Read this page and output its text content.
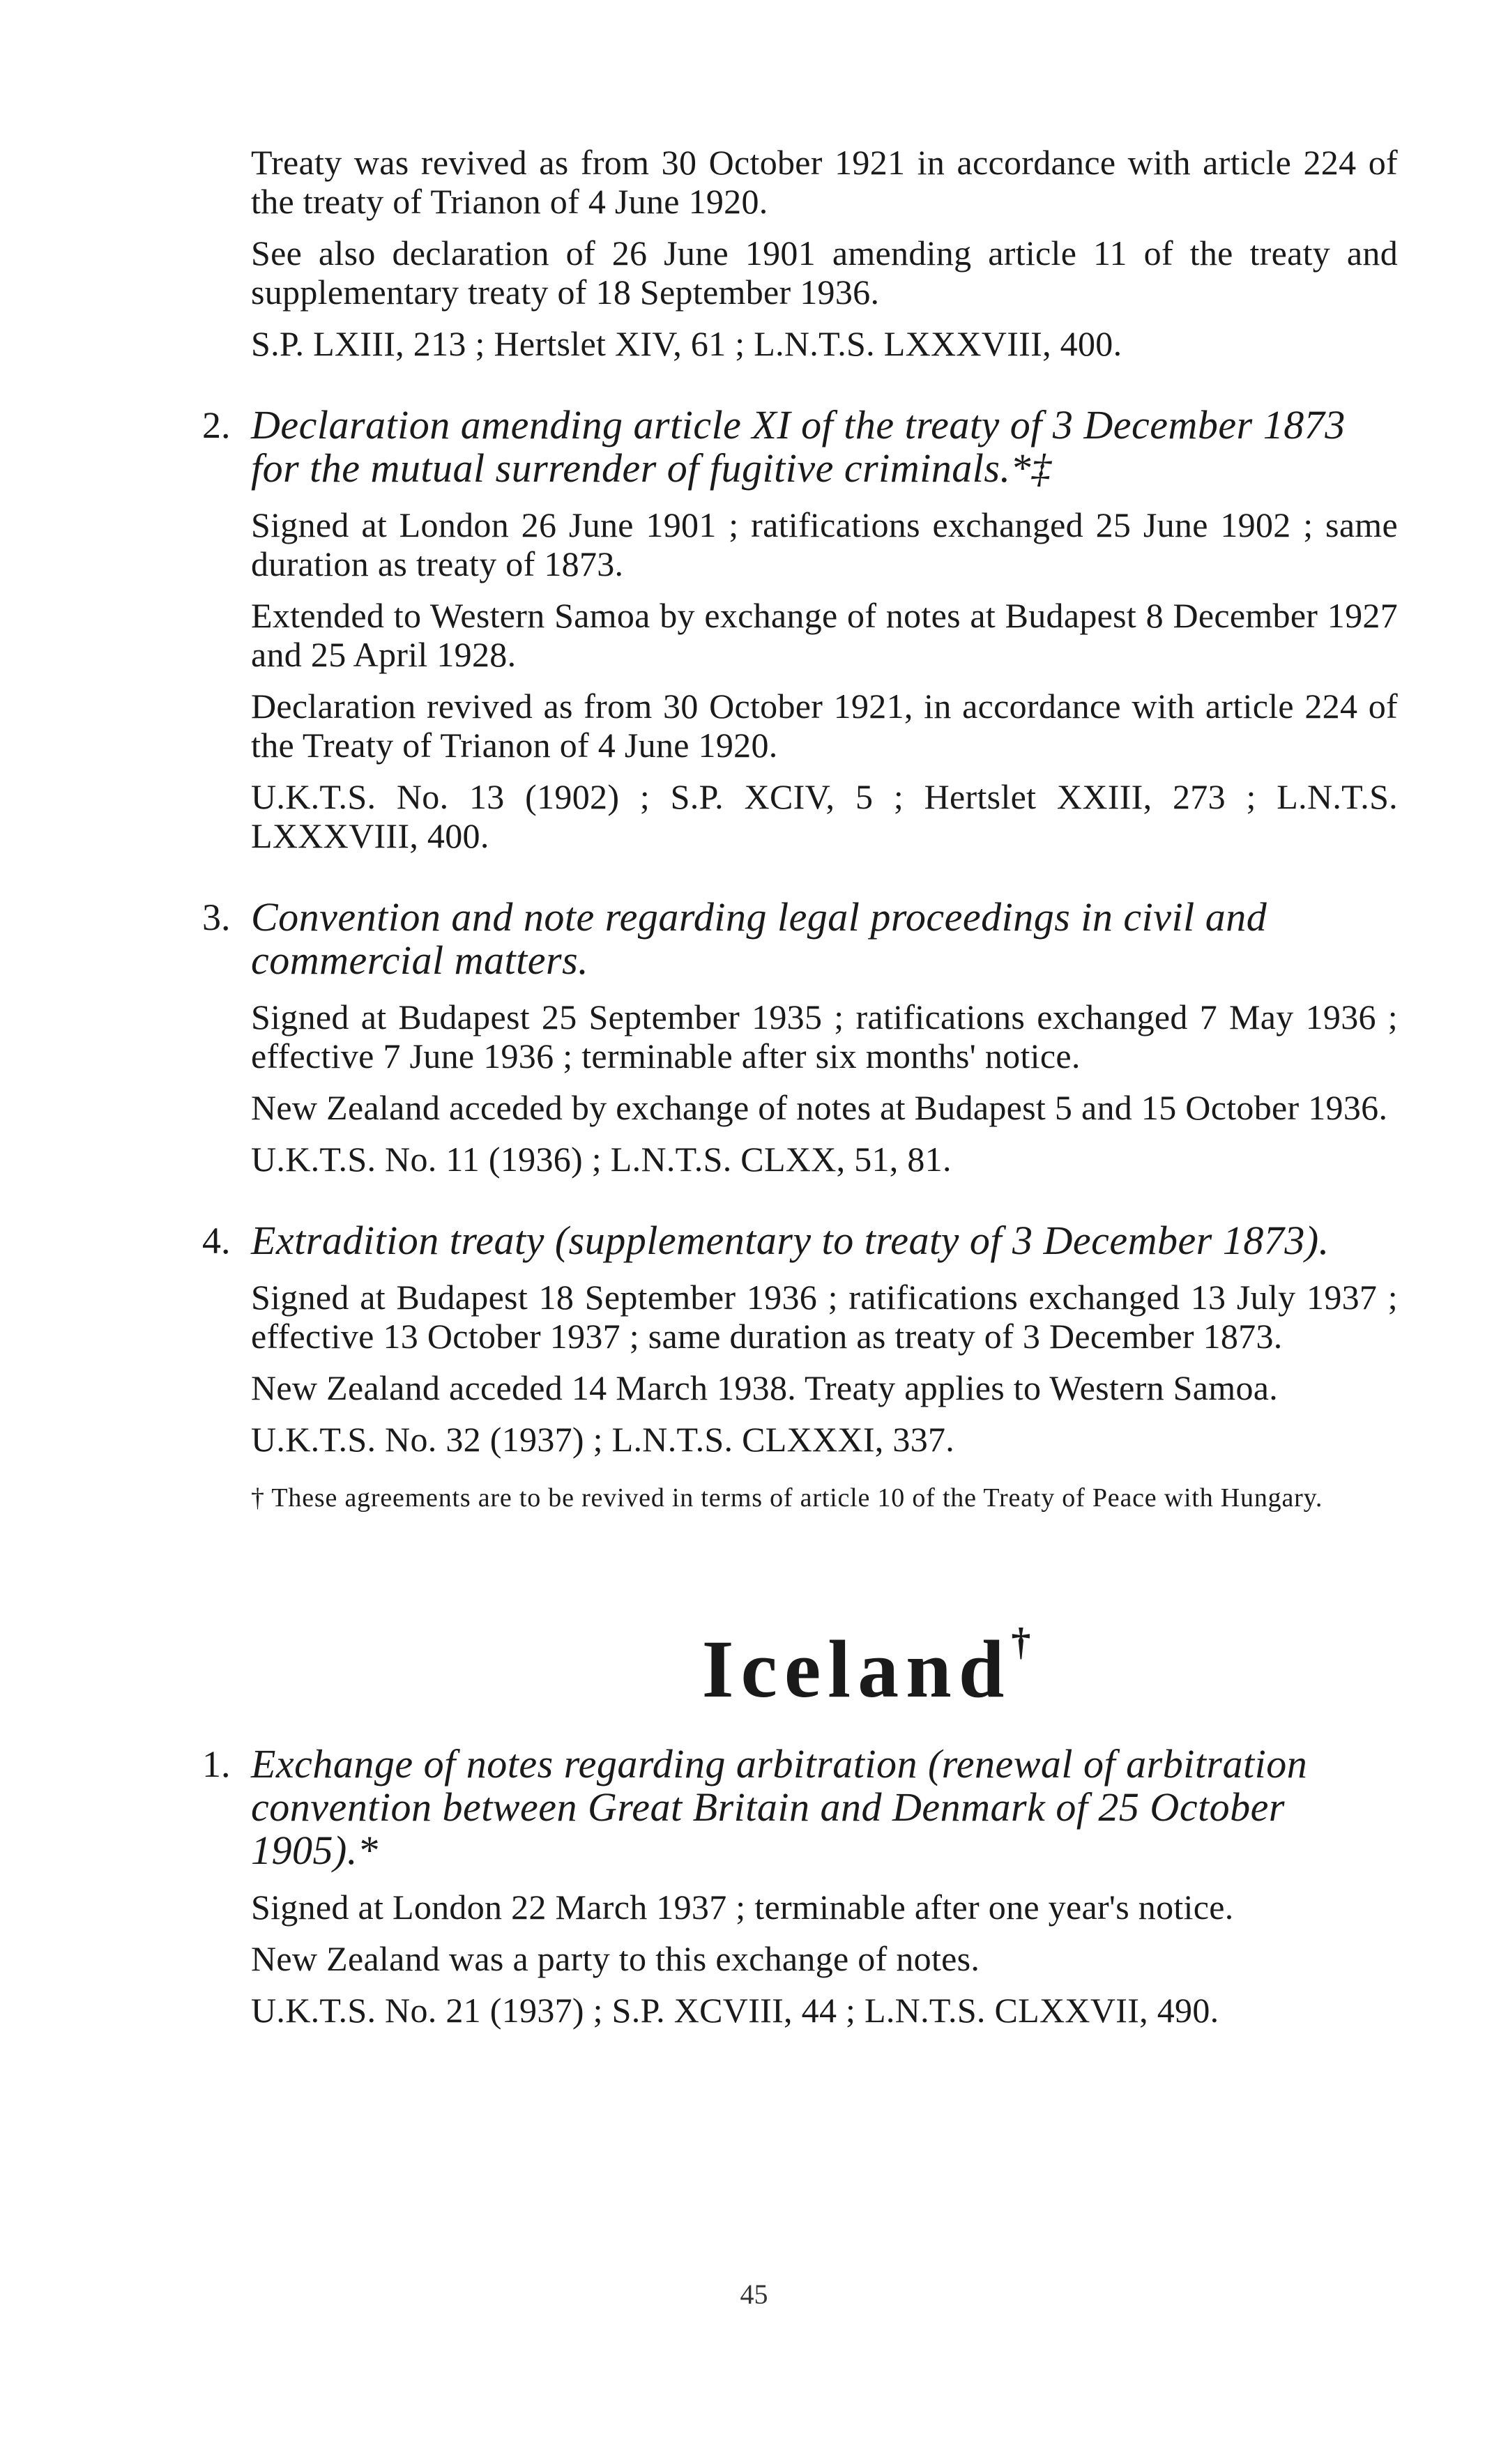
Treaty was revived as from 30 October 1921 in accordance with article 224 of the treaty of Trianon of 4 June 1920.

See also declaration of 26 June 1901 amending article 11 of the treaty and supplementary treaty of 18 September 1936.

S.P. LXIII, 213 ; Hertslet XIV, 61 ; L.N.T.S. LXXXVIII, 400.

2. Declaration amending article XI of the treaty of 3 December 1873 for the mutual surrender of fugitive criminals.*‡

Signed at London 26 June 1901 ; ratifications exchanged 25 June 1902 ; same duration as treaty of 1873.

Extended to Western Samoa by exchange of notes at Budapest 8 December 1927 and 25 April 1928.

Declaration revived as from 30 October 1921, in accordance with article 224 of the Treaty of Trianon of 4 June 1920.

U.K.T.S. No. 13 (1902) ; S.P. XCIV, 5 ; Hertslet XXIII, 273 ; L.N.T.S. LXXXVIII, 400.

3. Convention and note regarding legal proceedings in civil and commercial matters.

Signed at Budapest 25 September 1935 ; ratifications exchanged 7 May 1936 ; effective 7 June 1936 ; terminable after six months' notice.

New Zealand acceded by exchange of notes at Budapest 5 and 15 October 1936.

U.K.T.S. No. 11 (1936) ; L.N.T.S. CLXX, 51, 81.

4. Extradition treaty (supplementary to treaty of 3 December 1873).

Signed at Budapest 18 September 1936 ; ratifications exchanged 13 July 1937 ; effective 13 October 1937 ; same duration as treaty of 3 December 1873.

New Zealand acceded 14 March 1938. Treaty applies to Western Samoa.

U.K.T.S. No. 32 (1937) ; L.N.T.S. CLXXXI, 337.

† These agreements are to be revived in terms of article 10 of the Treaty of Peace with Hungary.

Iceland†
1. Exchange of notes regarding arbitration (renewal of arbitration convention between Great Britain and Denmark of 25 October 1905).*

Signed at London 22 March 1937 ; terminable after one year's notice.

New Zealand was a party to this exchange of notes.

U.K.T.S. No. 21 (1937) ; S.P. XCVIII, 44 ; L.N.T.S. CLXXVII, 490.

45
